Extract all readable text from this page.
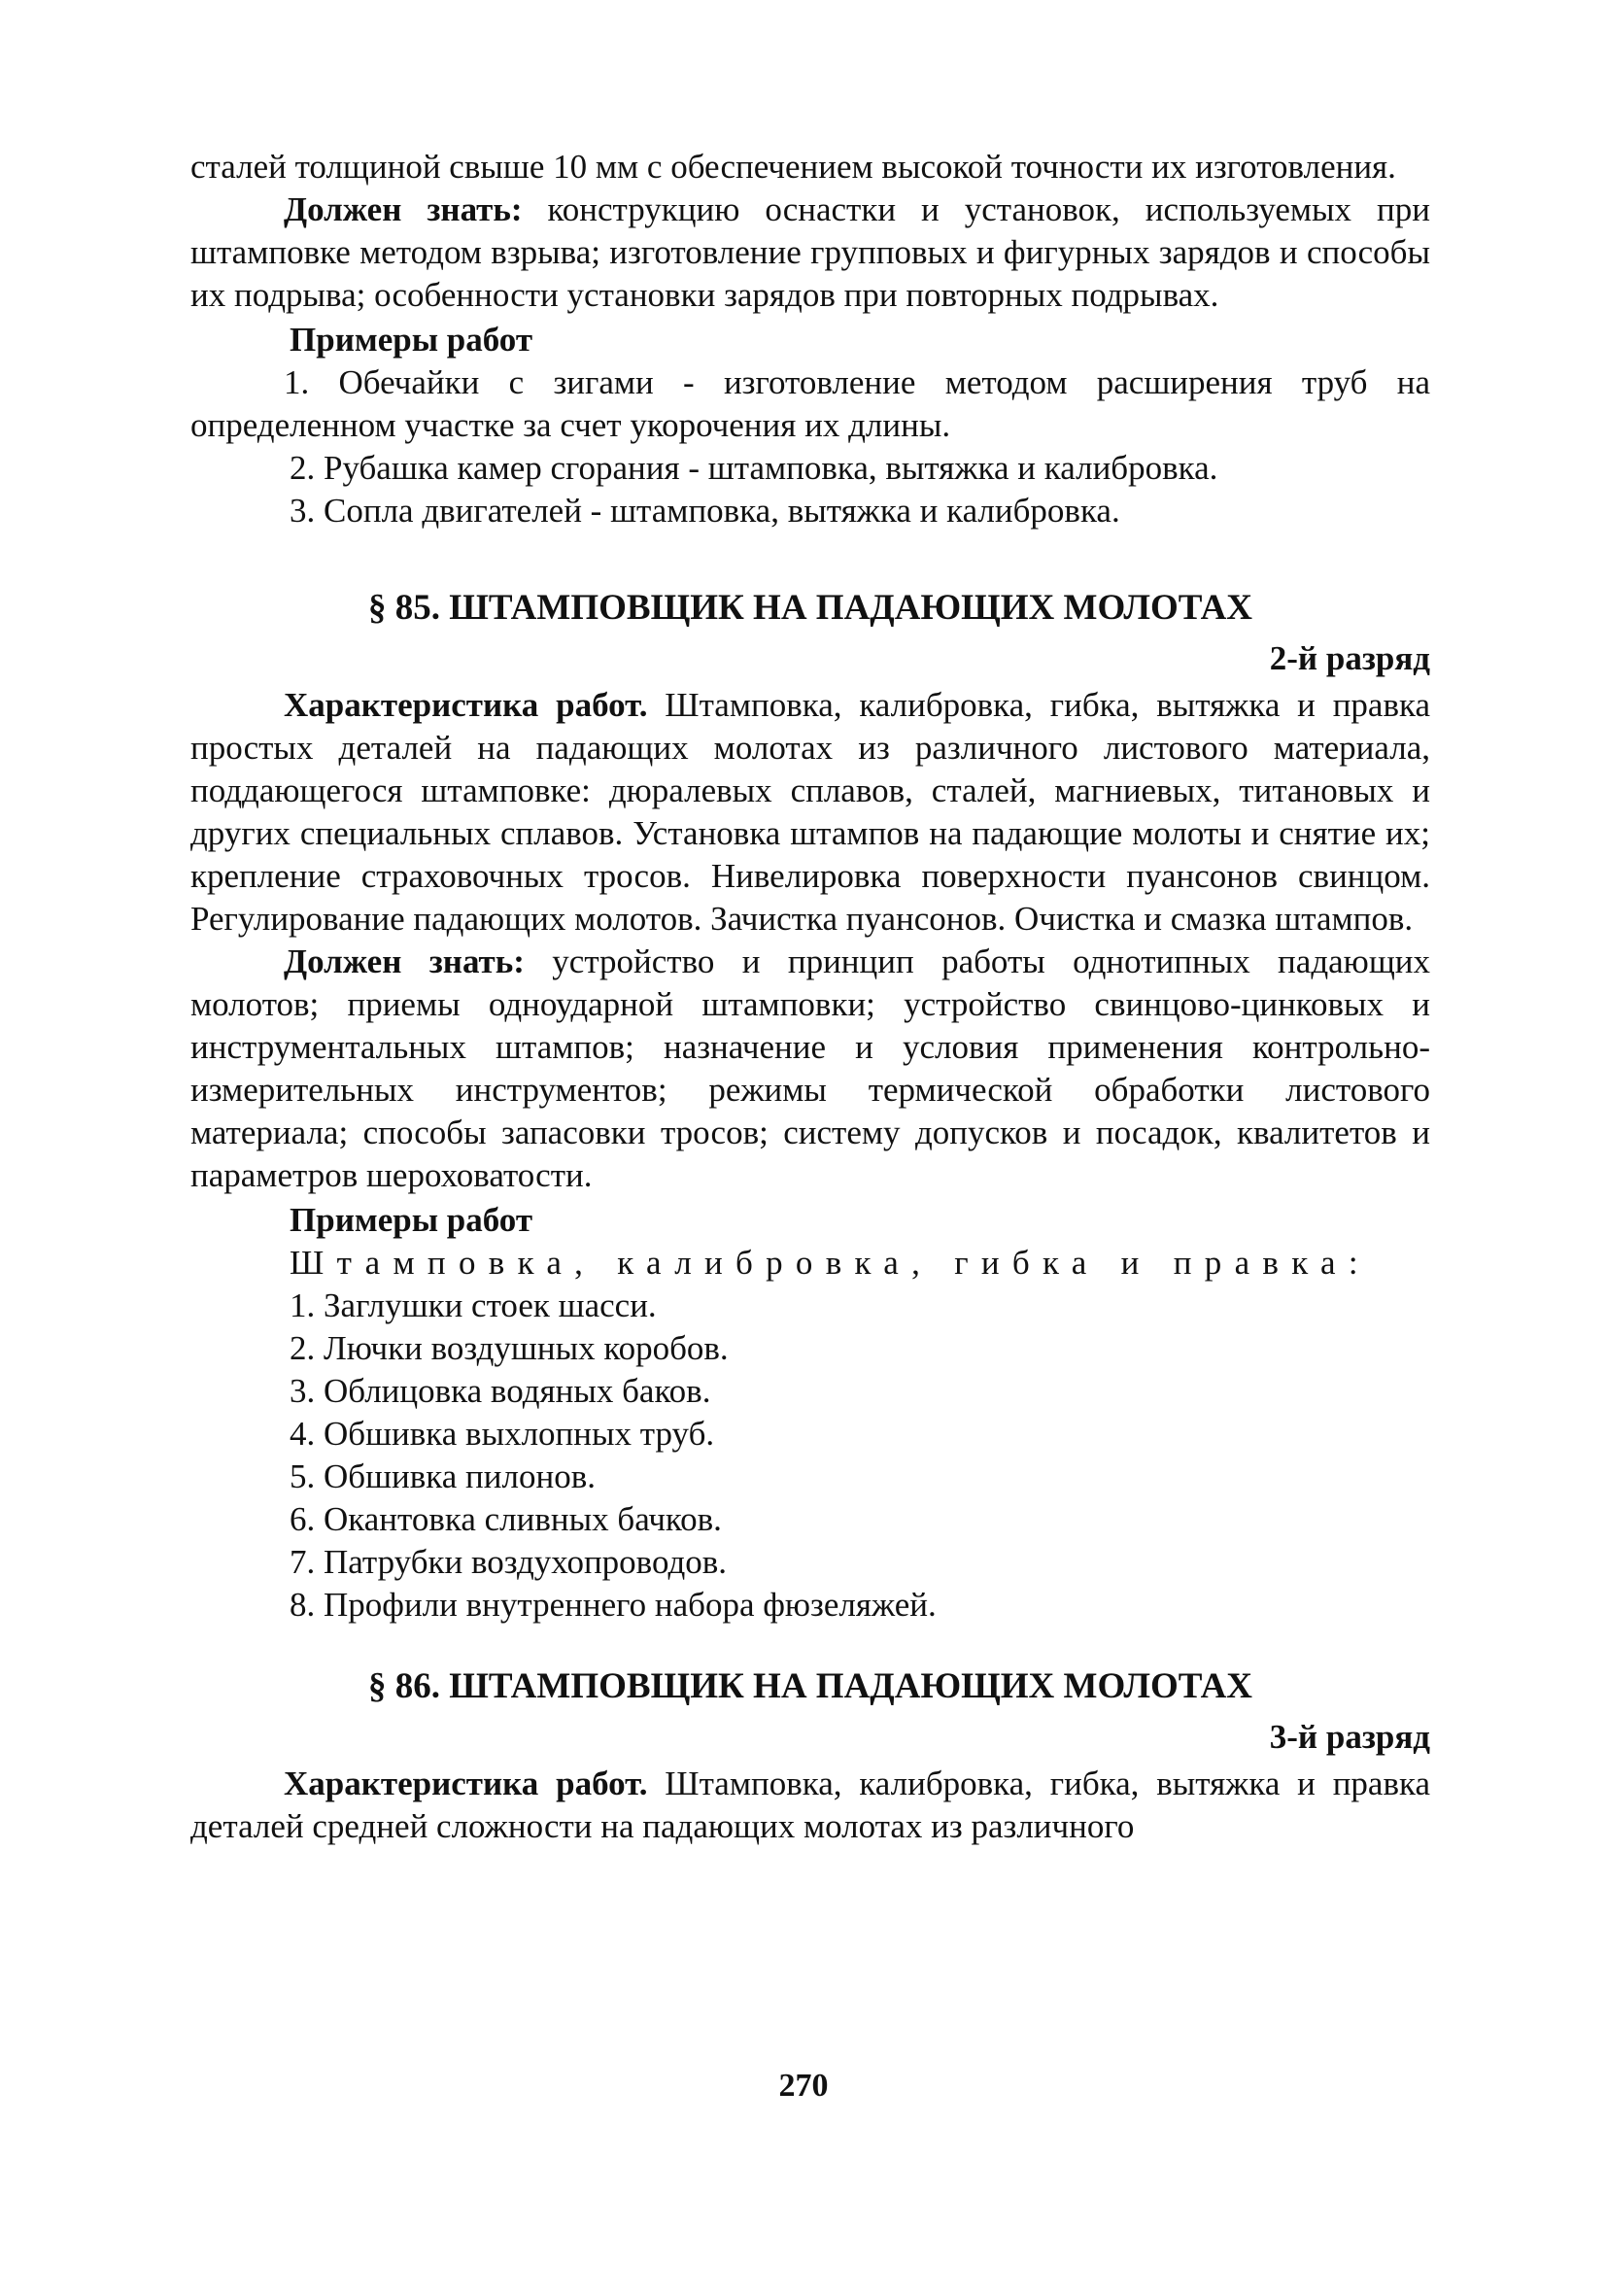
сталей толщиной свыше 10 мм с обеспечением высокой точности их изготовления.

Должен знать: конструкцию оснастки и установок, используемых при штамповке методом взрыва; изготовление групповых и фигурных зарядов и способы их подрыва; особенности установки зарядов при повторных подрывах.

Примеры работ

1. Обечайки с зигами - изготовление методом расширения труб на определенном участке за счет укорочения их длины.

2. Рубашка камер сгорания - штамповка, вытяжка и калибровка.

3. Сопла двигателей - штамповка, вытяжка и калибровка.

§ 85. ШТАМПОВЩИК НА ПАДАЮЩИХ МОЛОТАХ

2-й разряд

Характеристика работ. Штамповка, калибровка, гибка, вытяжка и правка простых деталей на падающих молотах из различного листового материала, поддающегося штамповке: дюралевых сплавов, сталей, магниевых, титановых и других специальных сплавов. Установка штампов на падающие молоты и снятие их; крепление страховочных тросов. Нивелировка поверхности пуансонов свинцом. Регулирование падающих молотов. Зачистка пуансонов. Очистка и смазка штампов.

Должен знать: устройство и принцип работы однотипных падающих молотов; приемы одноударной штамповки; устройство свинцово-цинковых и инструментальных штампов; назначение и условия применения контрольно-измерительных инструментов; режимы термической обработки листового материала; способы запасовки тросов; систему допусков и посадок, квалитетов и параметров шероховатости.

Примеры работ

Штамповка, калибровка, гибка и правка:

1. Заглушки стоек шасси.

2. Лючки воздушных коробов.

3. Облицовка водяных баков.

4. Обшивка выхлопных труб.

5. Обшивка пилонов.

6. Окантовка сливных бачков.

7. Патрубки воздухопроводов.

8. Профили внутреннего набора фюзеляжей.

§ 86. ШТАМПОВЩИК НА ПАДАЮЩИХ МОЛОТАХ

3-й разряд

Характеристика работ. Штамповка, калибровка, гибка, вытяжка и правка деталей средней сложности на падающих молотах из различного

270
